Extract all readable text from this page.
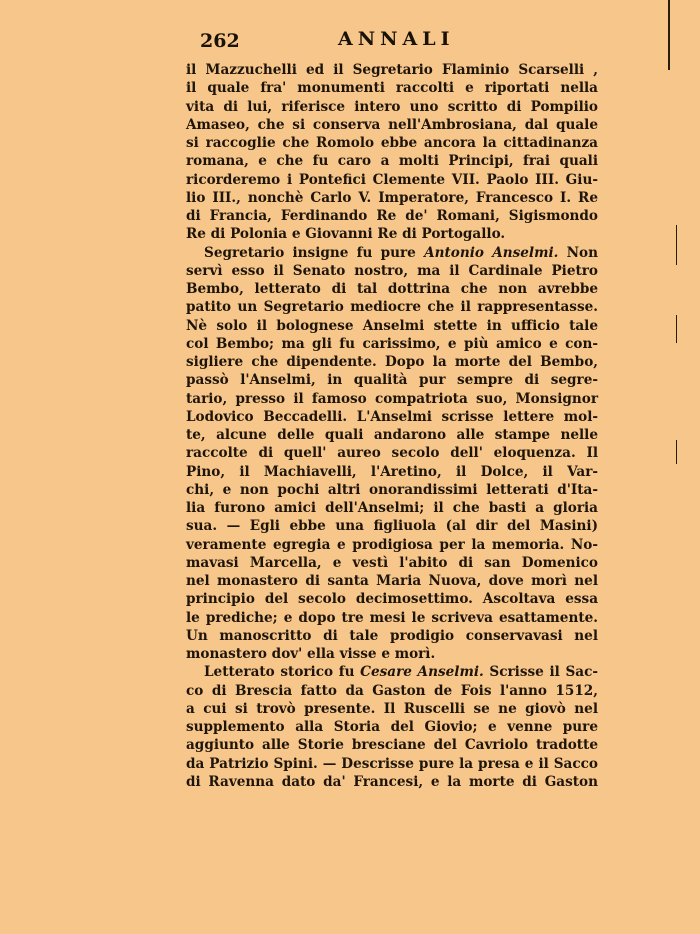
262	ANNALI
il Mazzuchelli ed il Segretario Flaminio Scarselli ,
il quale fra' monumenti raccolti e riportati nella
vita di lui, riferisce intero uno scritto di Pompilio
Amaseo, che si conserva nell'Ambrosiana, dal quale
si raccoglie che Romolo ebbe ancora la cittadinanza
romana, e che fu caro a molti Principi, frai quali
ricorderemo i Pontefici Clemente VII. Paolo III. Giu-
lio III., nonchè Carlo V. Imperatore, Francesco I. Re
di Francia, Ferdinando Re de' Romani, Sigismondo
Re di Polonia e Giovanni Re di Portogallo.
Segretario insigne fu pure Antonio Anselmi. Non
servì esso il Senato nostro, ma il Cardinale Pietro
Bembo, letterato di tal dottrina che non avrebbe
patito un Segretario mediocre che il rappresentasse.
Nè solo il bolognese Anselmi stette in ufficio tale
col Bembo; ma gli fu carissimo, e più amico e con-
sigliere che dipendente. Dopo la morte del Bembo,
passò l'Anselmi, in qualità pur sempre di segre-
tario, presso il famoso compatriota suo, Monsignor
Lodovico Beccadelli. L'Anselmi scrisse lettere mol-
te, alcune delle quali andarono alle stampe nelle
raccolte di quell' aureo secolo dell' eloquenza. Il
Pino, il Machiavelli, l'Aretino, il Dolce, il Var-
chi, e non pochi altri onorandissimi letterati d'Ita-
lia furono amici dell'Anselmi; il che basti a gloria
sua. — Egli ebbe una figliuola (al dir del Masini)
veramente egregia e prodigiosa per la memoria. No-
mavasi Marcella, e vestì l'abito di san Domenico
nel monastero di santa Maria Nuova, dove morì nel
principio del secolo decimosettimo. Ascoltava essa
le prediche; e dopo tre mesi le scriveva esattamente.
Un manoscritto di tale prodigio conservavasi nel
monastero dov' ella visse e morì.
Letterato storico fu Cesare Anselmi. Scrisse il Sac-
co di Brescia fatto da Gaston de Fois l'anno 1512,
a cui si trovò presente. Il Ruscelli se ne giovò nel
supplemento alla Storia del Giovio; e venne pure
aggiunto alle Storie bresciane del Cavriolo tradotte
da Patrizio Spini. — Descrisse pure la presa e il Sacco
di Ravenna dato da' Francesi, e la morte di Gaston
